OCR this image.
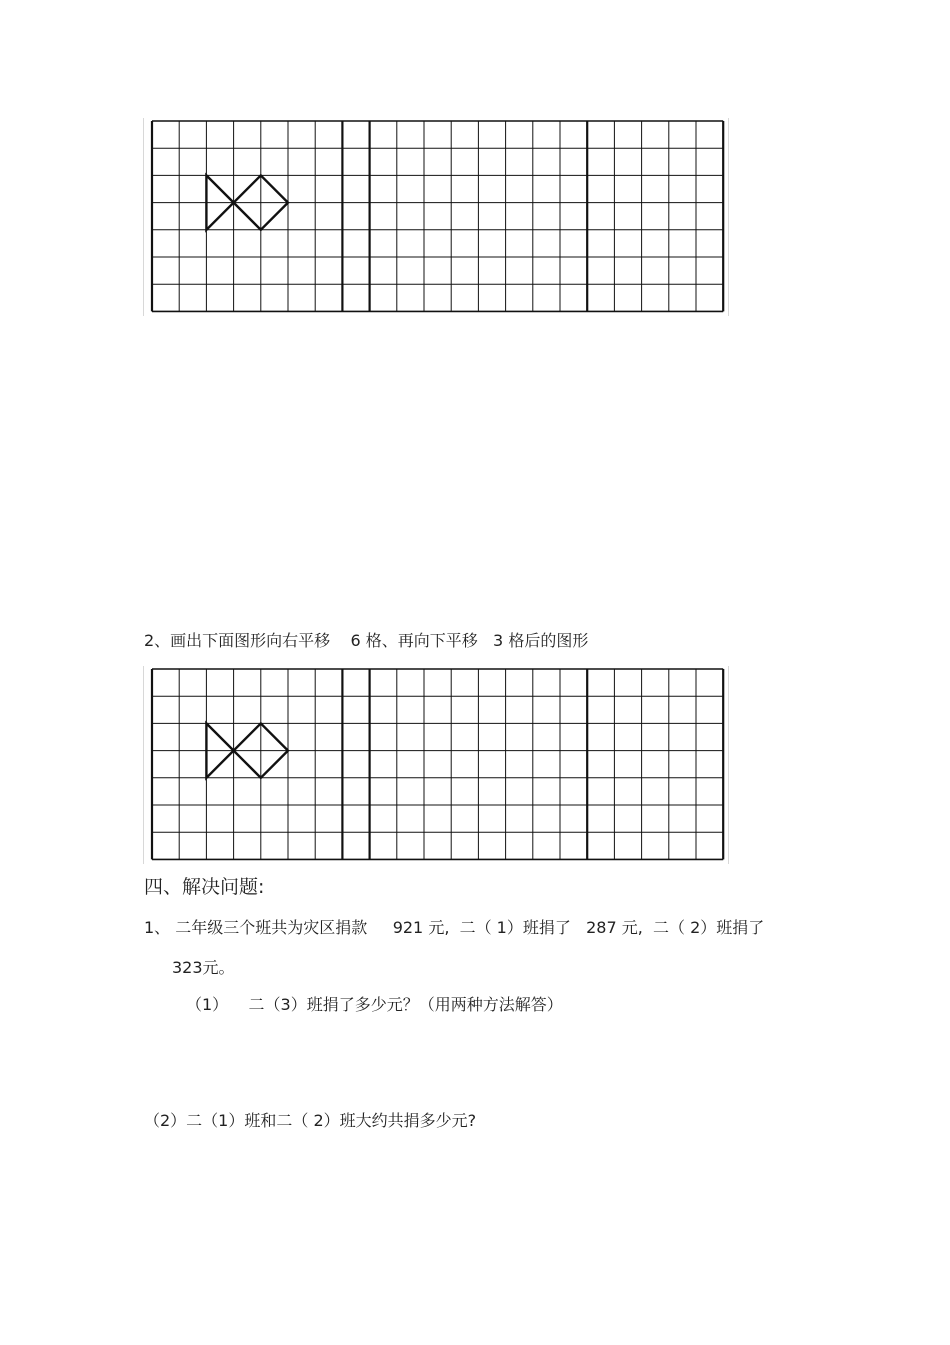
2、画出下面图形向右平移    6 格、再向下平移   3 格后的图形
四、解决问题:
1、 二年级三个班共为灾区捐款     921 元,  二（ 1）班捐了   287 元,  二（ 2）班捐了
323元。
（1）    二（3）班捐了多少元？（用两种方法解答）
（2）二（1）班和二（ 2）班大约共捐多少元?
